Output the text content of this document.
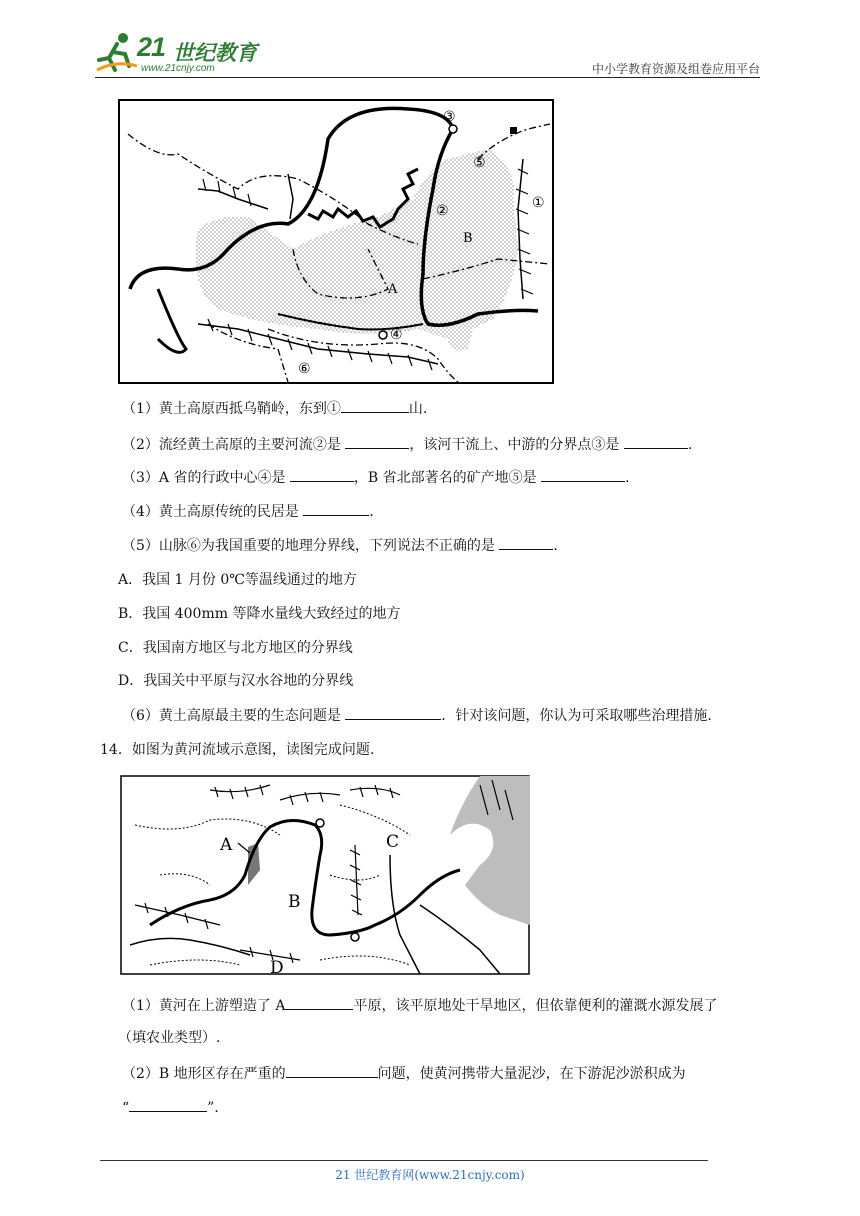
21 世纪教育
www.21cnjy.com	中小学教育资源及组卷应用平台
③
⑤
①
②
B
A
④
⑥
（1）黄土高原西抵乌鞘岭，东到①	山.
（2）流经黄土高原的主要河流②是	，该河干流上、中游的分界点③是	.
（3）A 省的行政中心④是	，B 省北部著名的矿产地⑤是	.
（4）黄土高原传统的民居是	.
（5）山脉⑥为我国重要的地理分界线，下列说法不正确的是	.
A．我国 1 月份 0℃等温线通过的地方
B．我国 400mm 等降水量线大致经过的地方
C．我国南方地区与北方地区的分界线
D．我国关中平原与汉水谷地的分界线
（6）黄土高原最主要的生态问题是	．针对该问题，你认为可采取哪些治理措施.
14．如图为黄河流域示意图，读图完成问题.
A
B
C
D
（1）黄河在上游塑造了 A	平原，该平原地处干旱地区，但依靠便利的灌溉水源发展了
（填农业类型）.
（2）B 地形区存在严重的	问题，使黄河携带大量泥沙，在下游泥沙淤积成为
“	”．
21 世纪教育网(www.21cnjy.com)
